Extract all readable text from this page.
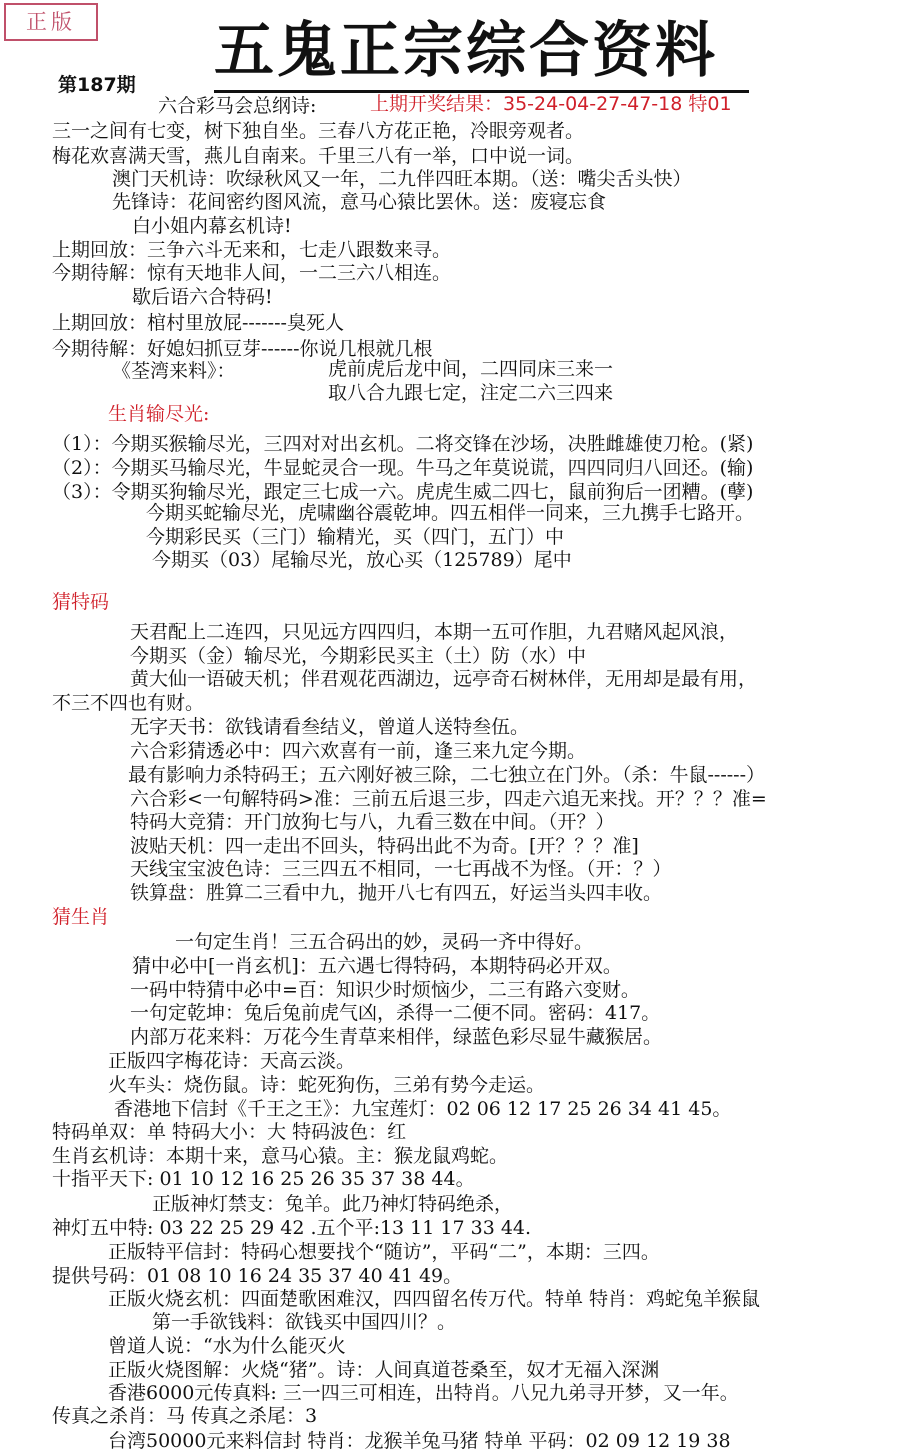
正版	五鬼正宗综合资料
第187期
六合彩马会总纲诗:	上期开奖结果：35-24-04-27-47-18 特01
三一之间有七变，树下独自坐。三春八方花正艳，冷眼旁观者。
梅花欢喜满天雪，燕儿自南来。千里三八有一举，口中说一词。
澳门天机诗：吹绿秋风又一年，二九伴四旺本期。（送：嘴尖舌头快）
先锋诗：花间密约图风流，意马心猿比罢休。送：废寝忘食
白小姐内幕玄机诗!
上期回放：三争六斗无来和，七走八跟数来寻。
今期待解：惊有天地非人间，一二三六八相连。
歇后语六合特码!
上期回放：棺村里放屁-------臭死人
今期待解：好媳妇抓豆芽------你说几根就几根
《荃湾来料》：	虎前虎后龙中间，二四同床三来一
取八合九跟七定，注定二六三四来
生肖输尽光:
（1）：今期买猴输尽光，三四对对出玄机。二将交锋在沙场，决胜雌雄使刀枪。(紧)
（2）：今期买马输尽光，牛显蛇灵合一现。牛马之年莫说谎，四四同归八回还。(输)
（3）：令期买狗输尽光，跟定三七成一六。虎虎生威二四七，鼠前狗后一团糟。(孽)
今期买蛇输尽光，虎啸幽谷震乾坤。四五相伴一同来，三九携手七路开。
今期彩民买（三门）输精光，买（四门，五门）中
今期买（03）尾输尽光，放心买（125789）尾中
猜特码
天君配上二连四，只见远方四四归，本期一五可作胆，九君赌风起风浪，
今期买（金）输尽光，今期彩民买主（土）防（水）中
黄大仙一语破天机；伴君观花西湖边，远亭奇石树林伴，无用却是最有用，
不三不四也有财。
无字天书：欲钱请看叁结义，曾道人送特叁伍。
六合彩猜透必中：四六欢喜有一前，逢三来九定今期。
最有影响力杀特码王；五六刚好被三除，二七独立在门外。（杀：牛鼠------）
六合彩<一句解特码>准：三前五后退三步，四走六追无来找。开？？？准=
特码大竞猜：开门放狗七与八，九看三数在中间。（开？）
波贴天机：四一走出不回头，特码出此不为奇。[开？？？准]
天线宝宝波色诗：三三四五不相同，一七再战不为怪。（开：？）
铁算盘：胜算二三看中九，抛开八七有四五，好运当头四丰收。
猜生肖
一句定生肖！三五合码出的妙，灵码一齐中得好。
猜中必中[一肖玄机]：五六遇七得特码，本期特码必开双。
一码中特猜中必中=百：知识少时烦恼少，二三有路六变财。
一句定乾坤：兔后兔前虎气凶，杀得一二便不同。密码：417。
内部万花来料：万花今生青草来相伴，绿蓝色彩尽显牛藏猴居。
正版四字梅花诗：天高云淡。
火车头：烧伤鼠。诗：蛇死狗伤，三弟有势今走运。
香港地下信封《千王之王》：九宝莲灯：02 06 12 17 25 26 34 41 45。
特码单双：单 特码大小：大 特码波色：红
生肖玄机诗：本期十来，意马心猿。主：猴龙鼠鸡蛇。
十指平天下: 01 10 12 16 25 26 35 37 38 44。
正版神灯禁支：兔羊。此乃神灯特码绝杀，
神灯五中特: 03 22 25 29 42 .五个平:13 11 17 33 44.
正版特平信封：特码心想要找个“随访”，平码“二”，本期：三四。
提供号码：01 08 10 16 24 35 37 40 41 49。
正版火烧玄机：四面楚歌困难汉，四四留名传万代。特单 特肖：鸡蛇兔羊猴鼠
第一手欲钱料：欲钱买中国四川？。
曾道人说：“水为什么能灭火
正版火烧图解：火烧“猪”。诗：人间真道苍桑至，奴才无福入深渊
香港6000元传真料: 三一四三可相连，出特肖。八兄九弟寻开梦，又一年。
传真之杀肖：马 传真之杀尾：3
台湾50000元来料信封 特肖：龙猴羊兔马猪 特单 平码：02 09 12 19 38
